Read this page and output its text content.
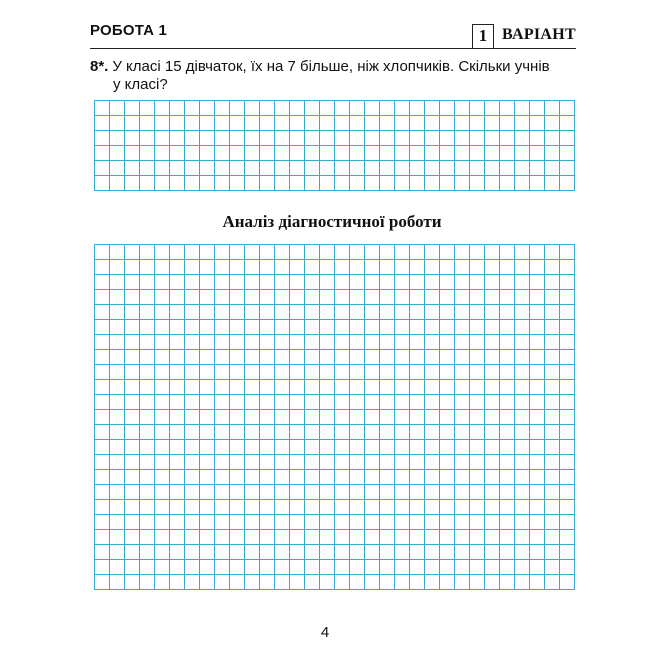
РОБОТА 1	1 ВАРІАНТ
8*. У класі 15 дівчаток, їх на 7 більше, ніж хлопчиків. Скільки учнів
у класі?
Аналіз діагностичної роботи
4
